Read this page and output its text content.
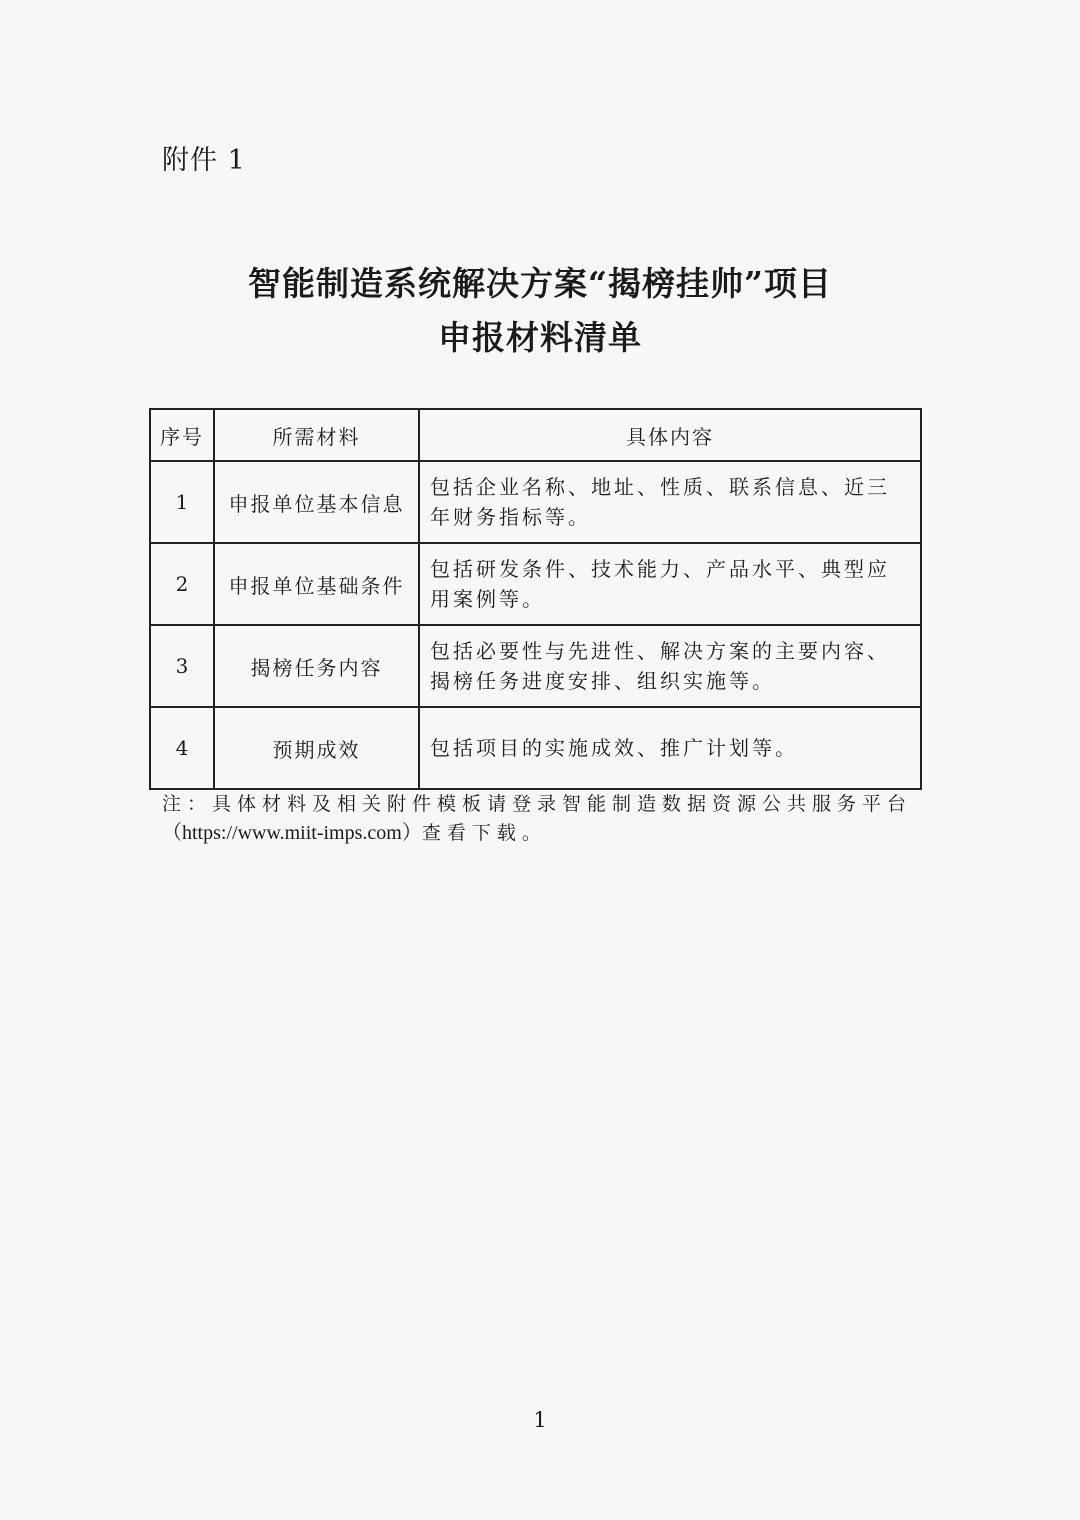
附件 1

智能制造系统解决方案“揭榜挂帅”项目
申报材料清单
序号	所需材料	具体内容
1	申报单位基本信息	包括企业名称、地址、性质、联系信息、近三年财务指标等。
2	申报单位基础条件	包括研发条件、技术能力、产品水平、典型应用案例等。
3	揭榜任务内容	包括必要性与先进性、解决方案的主要内容、揭榜任务进度安排、组织实施等。
4	预期成效	包括项目的实施成效、推广计划等。

注：具体材料及相关附件模板请登录智能制造数据资源公共服务平台
（https://www.miit-imps.com）查看下载。

1
